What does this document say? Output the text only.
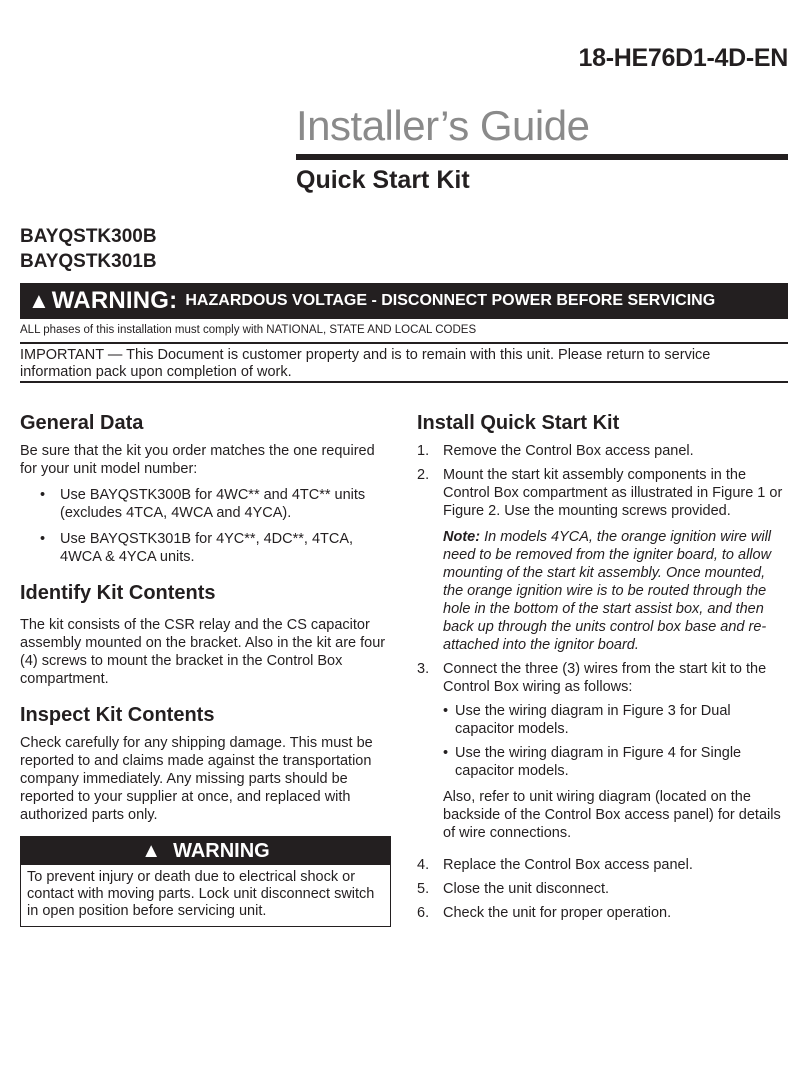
18-HE76D1-4D-EN
Installer’s Guide
Quick Start Kit
BAYQSTK300B
BAYQSTK301B
▲ WARNING: HAZARDOUS VOLTAGE - DISCONNECT POWER BEFORE SERVICING
ALL phases of this installation must comply with NATIONAL, STATE AND LOCAL CODES
IMPORTANT — This Document is customer property and is to remain with this unit. Please return to service information pack upon completion of work.
General Data

Be sure that the kit you order matches the one required for your unit model number:

•	Use BAYQSTK300B for 4WC** and 4TC** units (excludes 4TCA, 4WCA and 4YCA).
•	Use BAYQSTK301B for 4YC**, 4DC**, 4TCA, 4WCA & 4YCA units.
Identify Kit Contents

The kit consists of the CSR relay and the CS capacitor assembly mounted on the bracket. Also in the kit are four (4) screws to mount the bracket in the Control Box compartment.

Inspect Kit Contents

Check carefully for any shipping damage. This must be reported to and claims made against the transportation company immediately. Any missing parts should be reported to your supplier at once, and replaced with authorized parts only.

▲ WARNING
To prevent injury or death due to electrical shock or contact with moving parts. Lock unit disconnect switch in open position before servicing unit.
Install Quick Start Kit
1. Remove the Control Box access panel.
2. Mount the start kit assembly components in the Control Box compartment as illustrated in Figure 1 or Figure 2. Use the mounting screws provided.
Note: In models 4YCA, the orange ignition wire will need to be removed from the igniter board, to allow mounting of the start kit assembly. Once mounted, the orange ignition wire is to be routed through the hole in the bottom of the start assist box, and then back up through the units control box base and re-attached into the ignitor board.
3. Connect the three (3) wires from the start kit to the Control Box wiring as follows:
• Use the wiring diagram in Figure 3 for Dual capacitor models.
• Use the wiring diagram in Figure 4 for Single capacitor models.

Also, refer to unit wiring diagram (located on the backside of the Control Box access panel) for details of wire connections.

4. Replace the Control Box access panel.
5. Close the unit disconnect.
6. Check the unit for proper operation.
